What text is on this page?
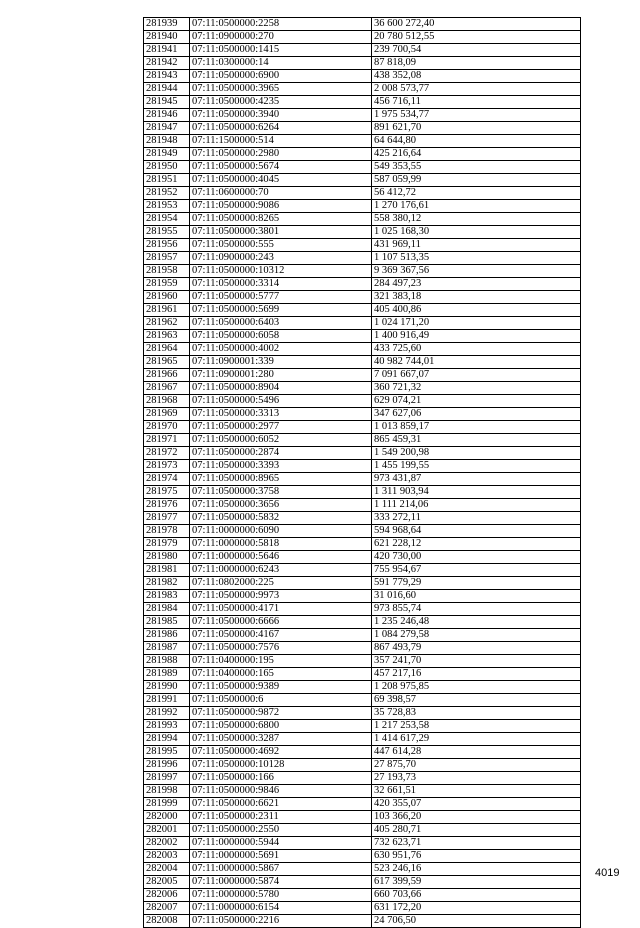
281939	07:11:0500000:2258	36 600 272,40
281940	07:11:0900000:270	20 780 512,55
281941	07:11:0500000:1415	239 700,54
281942	07:11:0300000:14	87 818,09
281943	07:11:0500000:6900	438 352,08
281944	07:11:0500000:3965	2 008 573,77
281945	07:11:0500000:4235	456 716,11
281946	07:11:0500000:3940	1 975 534,77
281947	07:11:0500000:6264	891 621,70
281948	07:11:1500000:514	64 644,80
281949	07:11:0500000:2980	425 216,64
281950	07:11:0500000:5674	549 353,55
281951	07:11:0500000:4045	587 059,99
281952	07:11:0600000:70	56 412,72
281953	07:11:0500000:9086	1 270 176,61
281954	07:11:0500000:8265	558 380,12
281955	07:11:0500000:3801	1 025 168,30
281956	07:11:0500000:555	431 969,11
281957	07:11:0900000:243	1 107 513,35
281958	07:11:0500000:10312	9 369 367,56
281959	07:11:0500000:3314	284 497,23
281960	07:11:0500000:5777	321 383,18
281961	07:11:0500000:5699	405 400,86
281962	07:11:0500000:6403	1 024 171,20
281963	07:11:0500000:6058	1 400 916,49
281964	07:11:0500000:4002	433 725,60
281965	07:11:0900001:339	40 982 744,01
281966	07:11:0900001:280	7 091 667,07
281967	07:11:0500000:8904	360 721,32
281968	07:11:0500000:5496	629 074,21
281969	07:11:0500000:3313	347 627,06
281970	07:11:0500000:2977	1 013 859,17
281971	07:11:0500000:6052	865 459,31
281972	07:11:0500000:2874	1 549 200,98
281973	07:11:0500000:3393	1 455 199,55
281974	07:11:0500000:8965	973 431,87
281975	07:11:0500000:3758	1 311 903,94
281976	07:11:0500000:3656	1 111 214,06
281977	07:11:0500000:5832	333 272,11
281978	07:11:0000000:6090	594 968,64
281979	07:11:0000000:5818	621 228,12
281980	07:11:0000000:5646	420 730,00
281981	07:11:0000000:6243	755 954,67
281982	07:11:0802000:225	591 779,29
281983	07:11:0500000:9973	31 016,60
281984	07:11:0500000:4171	973 855,74
281985	07:11:0500000:6666	1 235 246,48
281986	07:11:0500000:4167	1 084 279,58
281987	07:11:0500000:7576	867 493,79
281988	07:11:0400000:195	357 241,70
281989	07:11:0400000:165	457 217,16
281990	07:11:0500000:9389	1 208 975,85
281991	07:11:0500000:6	69 398,57
281992	07:11:0500000:9872	35 728,83
281993	07:11:0500000:6800	1 217 253,58
281994	07:11:0500000:3287	1 414 617,29
281995	07:11:0500000:4692	447 614,28
281996	07:11:0500000:10128	27 875,70
281997	07:11:0500000:166	27 193,73
281998	07:11:0500000:9846	32 661,51
281999	07:11:0500000:6621	420 355,07
282000	07:11:0500000:2311	103 366,20
282001	07:11:0500000:2550	405 280,71
282002	07:11:0000000:5944	732 623,71
282003	07:11:0000000:5691	630 951,76
282004	07:11:0000000:5867	523 246,16
282005	07:11:0000000:5874	617 399,59
282006	07:11:0000000:5780	660 703,66
282007	07:11:0000000:6154	631 172,20
282008	07:11:0500000:2216	24 706,50
4019
